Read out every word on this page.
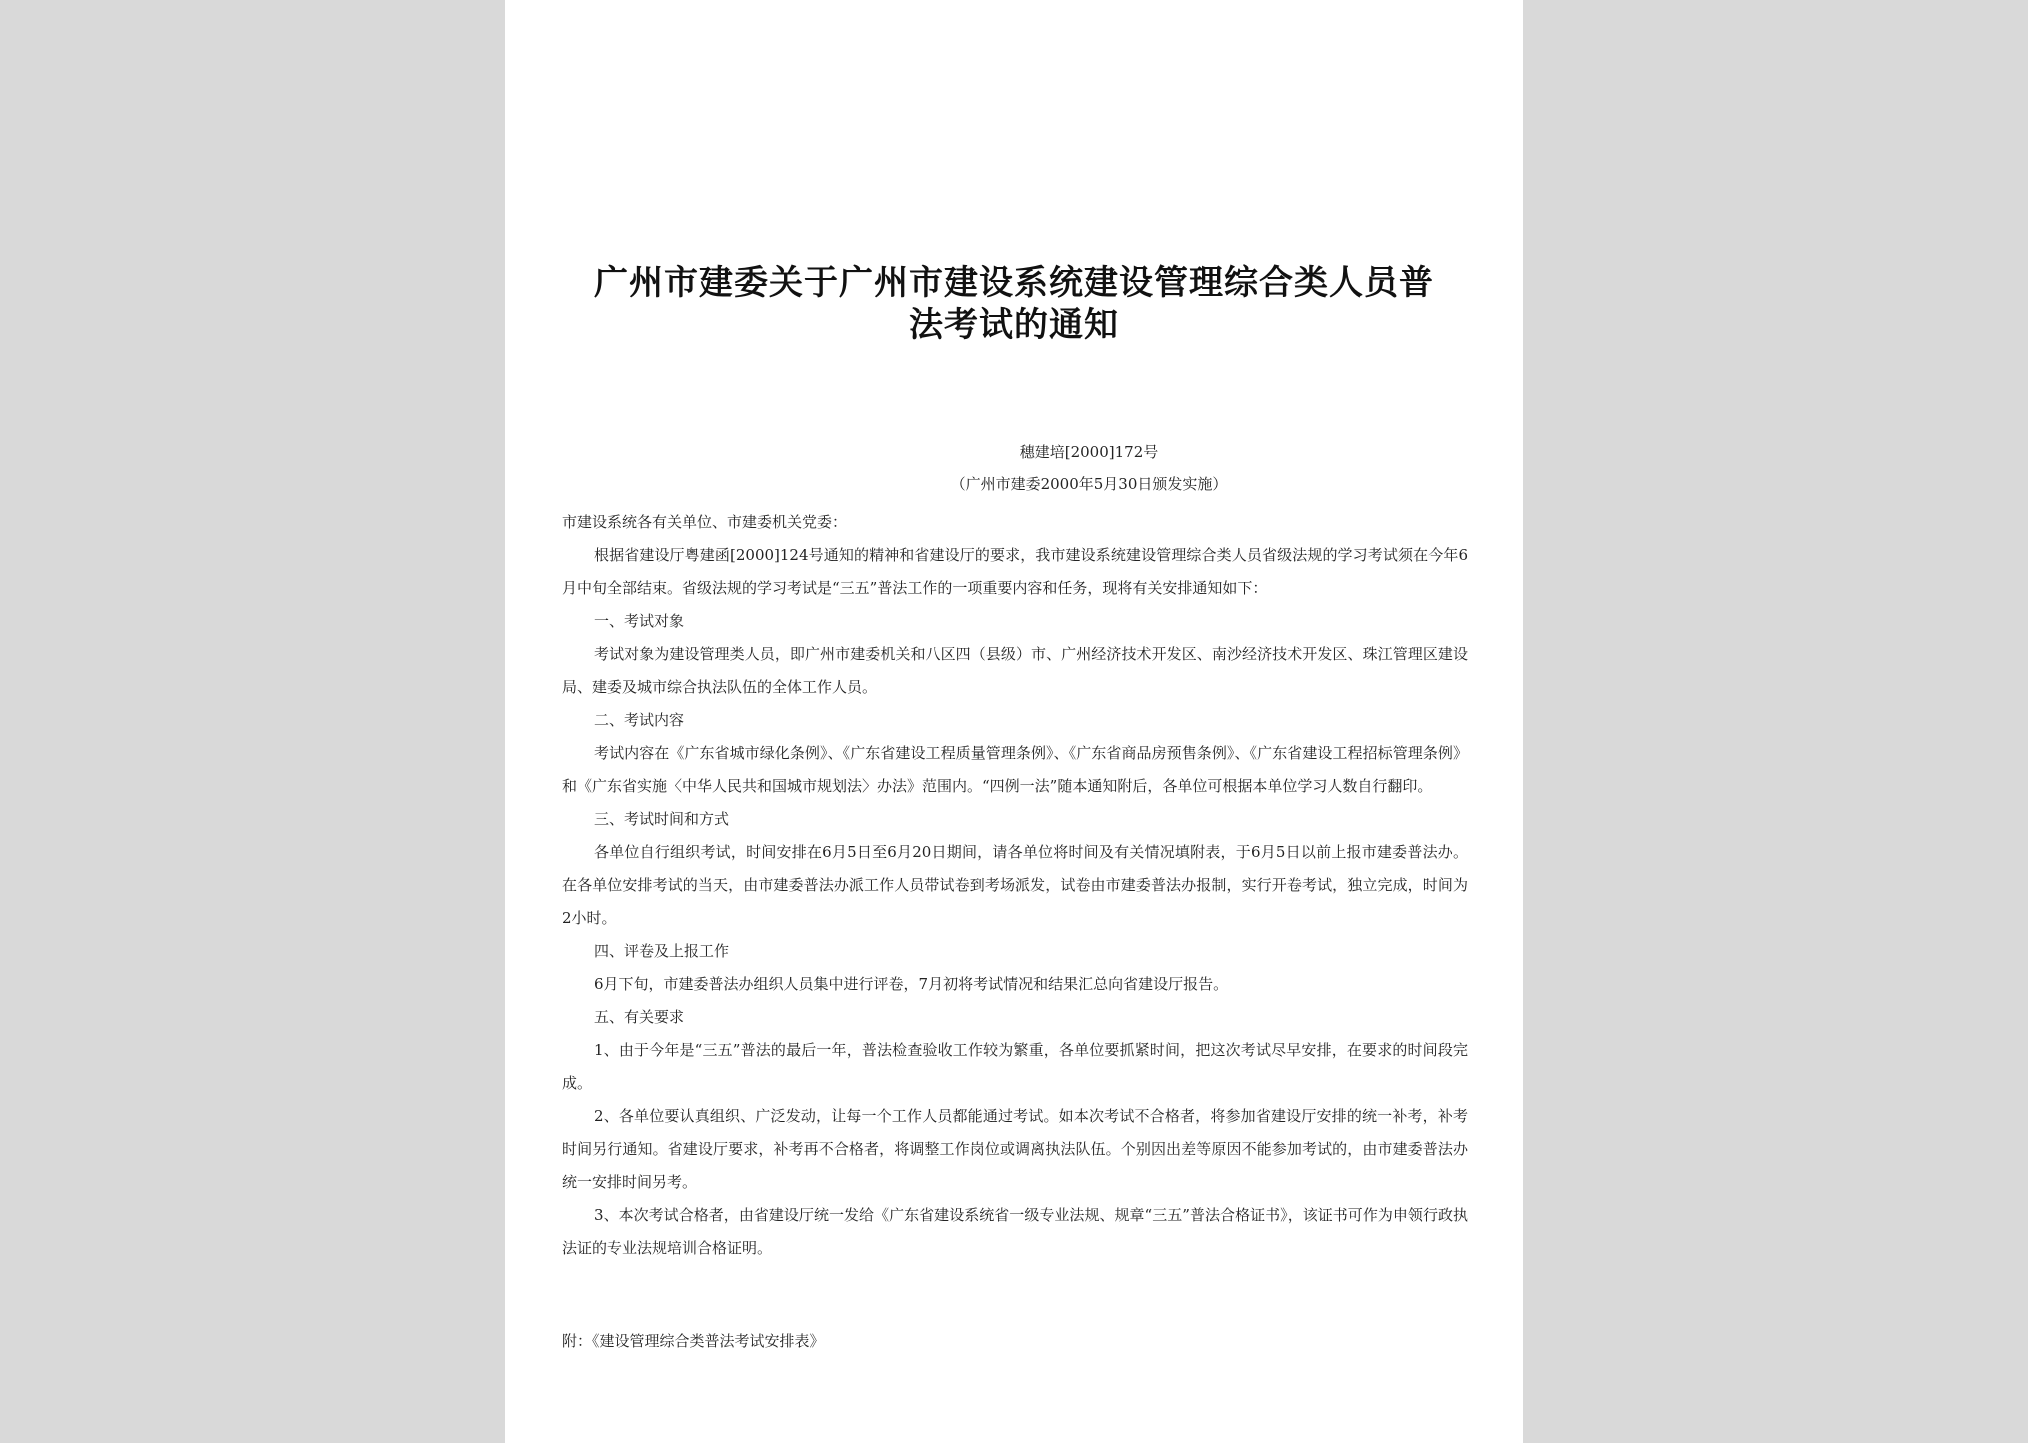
广州市建委关于广州市建设系统建设管理综合类人员普
法考试的通知
穗建培[2000]172号
（广州市建委2000年5月30日颁发实施）

市建设系统各有关单位、市建委机关党委：

根据省建设厅粤建函[2000]124号通知的精神和省建设厅的要求，我市建设系统建设管理综合类人员省级法规的学习考试须在今年6月中旬全部结束。省级法规的学习考试是“三五”普法工作的一项重要内容和任务，现将有关安排通知如下：

一、考试对象

考试对象为建设管理类人员，即广州市建委机关和八区四（县级）市、广州经济技术开发区、南沙经济技术开发区、珠江管理区建设局、建委及城市综合执法队伍的全体工作人员。

二、考试内容

考试内容在《广东省城市绿化条例》、《广东省建设工程质量管理条例》、《广东省商品房预售条例》、《广东省建设工程招标管理条例》和《广东省实施〈中华人民共和国城市规划法〉办法》范围内。“四例一法”随本通知附后，各单位可根据本单位学习人数自行翻印。

三、考试时间和方式

各单位自行组织考试，时间安排在6月5日至6月20日期间，请各单位将时间及有关情况填附表，于6月5日以前上报市建委普法办。在各单位安排考试的当天，由市建委普法办派工作人员带试卷到考场派发，试卷由市建委普法办报制，实行开卷考试，独立完成，时间为2小时。

四、评卷及上报工作

6月下旬，市建委普法办组织人员集中进行评卷，7月初将考试情况和结果汇总向省建设厅报告。

五、有关要求

1、由于今年是“三五”普法的最后一年，普法检查验收工作较为繁重，各单位要抓紧时间，把这次考试尽早安排，在要求的时间段完成。

2、各单位要认真组织、广泛发动，让每一个工作人员都能通过考试。如本次考试不合格者，将参加省建设厅安排的统一补考，补考时间另行通知。省建设厅要求，补考再不合格者，将调整工作岗位或调离执法队伍。个别因出差等原因不能参加考试的，由市建委普法办统一安排时间另考。

3、本次考试合格者，由省建设厅统一发给《广东省建设系统省一级专业法规、规章“三五”普法合格证书》，该证书可作为申领行政执法证的专业法规培训合格证明。

附：《建设管理综合类普法考试安排表》
